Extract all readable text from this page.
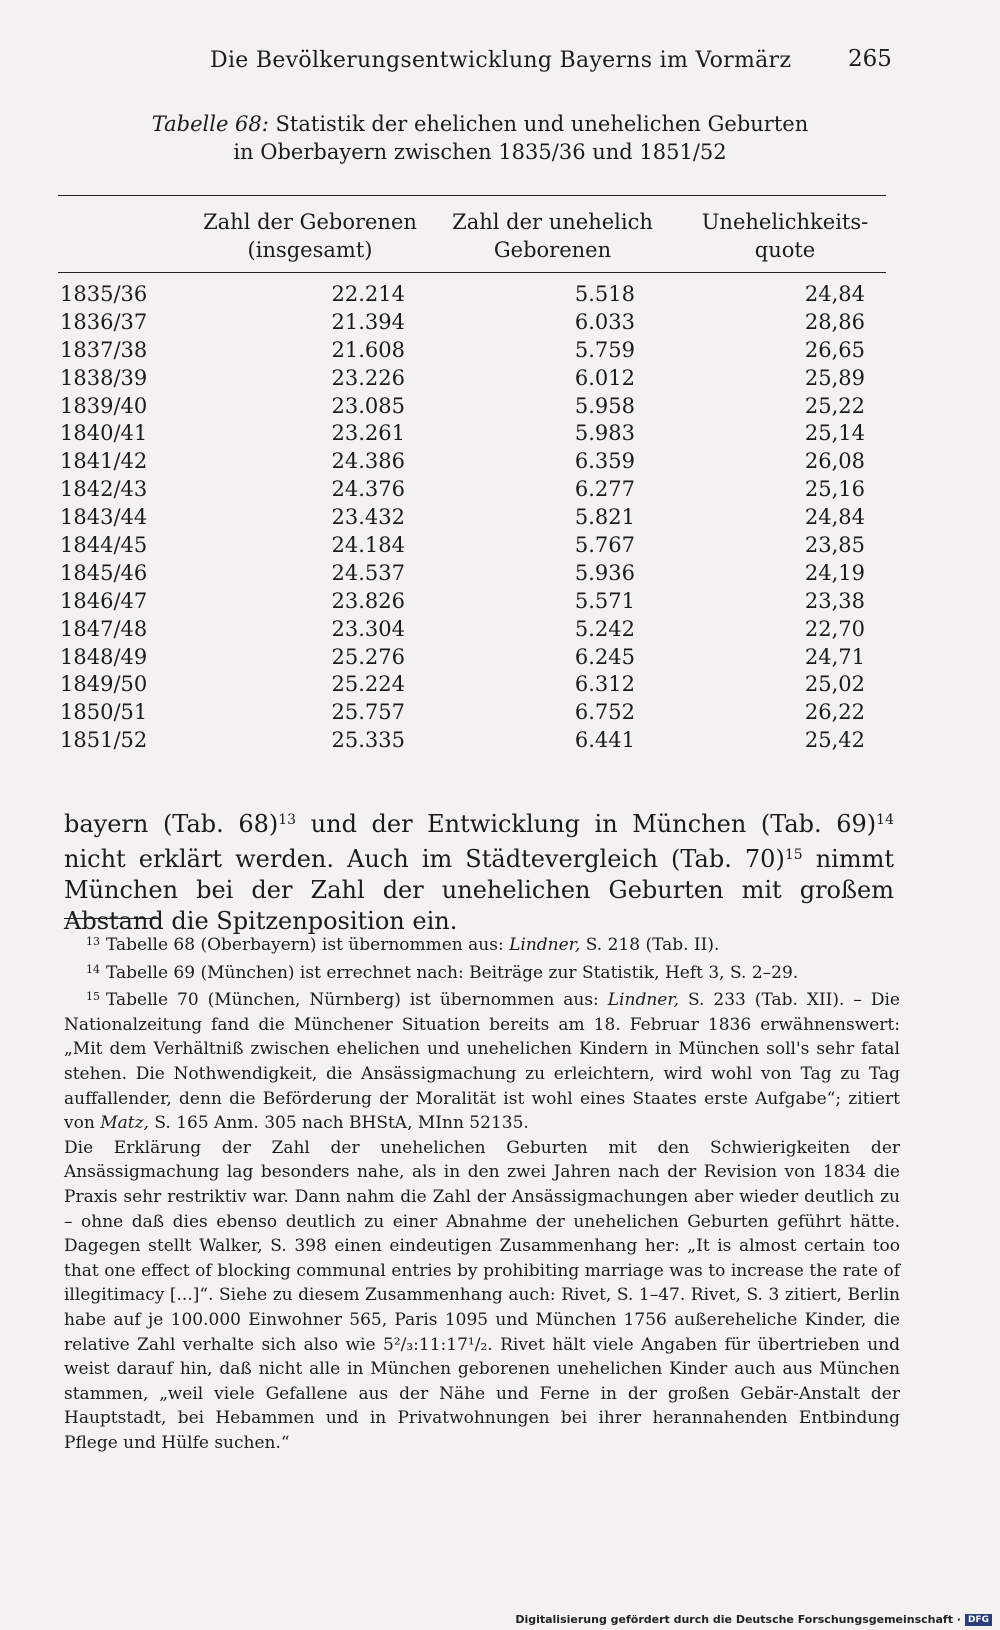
Die Bevölkerungsentwicklung Bayerns im Vormärz 265
Tabelle 68: Statistik der ehelichen und unehelichen Geburten
in Oberbayern zwischen 1835/36 und 1851/52
Zahl der Geborenen
(insgesamt)
Zahl der unehelich
Geborenen
Unehelichkeits-
quote
1835/36	22.214	5.518	24,84
1836/37	21.394	6.033	28,86
1837/38	21.608	5.759	26,65
1838/39	23.226	6.012	25,89
1839/40	23.085	5.958	25,22
1840/41	23.261	5.983	25,14
1841/42	24.386	6.359	26,08
1842/43	24.376	6.277	25,16
1843/44	23.432	5.821	24,84
1844/45	24.184	5.767	23,85
1845/46	24.537	5.936	24,19
1846/47	23.826	5.571	23,38
1847/48	23.304	5.242	22,70
1848/49	25.276	6.245	24,71
1849/50	25.224	6.312	25,02
1850/51	25.757	6.752	26,22
1851/52	25.335	6.441	25,42
bayern (Tab. 68)$^{13}$ und der Entwicklung in München (Tab. 69)$^{14}$ nicht erklärt werden. Auch im Städtevergleich (Tab. 70)$^{15}$ nimmt München bei der Zahl der unehelichen Geburten mit großem Abstand die Spitzenposition ein.

$^{13}$ Tabelle 68 (Oberbayern) ist übernommen aus: Lindner, S. 218 (Tab. II).

$^{14}$ Tabelle 69 (München) ist errechnet nach: Beiträge zur Statistik, Heft 3, S. 2–29.

$^{15}$ Tabelle 70 (München, Nürnberg) ist übernommen aus: Lindner, S. 233 (Tab. XII). – Die Nationalzeitung fand die Münchener Situation bereits am 18. Februar 1836 erwähnenswert: „Mit dem Verhältniß zwischen ehelichen und unehelichen Kindern in München soll's sehr fatal stehen. Die Nothwendigkeit, die Ansässigmachung zu erleichtern, wird wohl von Tag zu Tag auffallender, denn die Beförderung der Moralität ist wohl eines Staates erste Aufgabe“; zitiert von Matz, S. 165 Anm. 305 nach BHStA, MInn 52135.

Die Erklärung der Zahl der unehelichen Geburten mit den Schwierigkeiten der Ansässigmachung lag besonders nahe, als in den zwei Jahren nach der Revision von 1834 die Praxis sehr restriktiv war. Dann nahm die Zahl der Ansässigmachungen aber wieder deutlich zu – ohne daß dies ebenso deutlich zu einer Abnahme der unehelichen Geburten geführt hätte. Dagegen stellt Walker, S. 398 einen eindeutigen Zusammenhang her: „It is almost certain too that one effect of blocking communal entries by prohibiting marriage was to increase the rate of illegitimacy [...]“. Siehe zu diesem Zusammenhang auch: Rivet, S. 1–47. Rivet, S. 3 zitiert, Berlin habe auf je 100.000 Einwohner 565, Paris 1095 und München 1756 außereheliche Kinder, die relative Zahl verhalte sich also wie 5²/₃:11:17¹/₂. Rivet hält viele Angaben für übertrieben und weist darauf hin, daß nicht alle in München geborenen unehelichen Kinder auch aus München stammen, „weil viele Gefallene aus der Nähe und Ferne in der großen Gebär-Anstalt der Hauptstadt, bei Hebammen und in Privatwohnungen bei ihrer herannahenden Entbindung Pflege und Hülfe suchen.“

Digitalisierung gefördert durch die Deutsche Forschungsgemeinschaft · DFG
